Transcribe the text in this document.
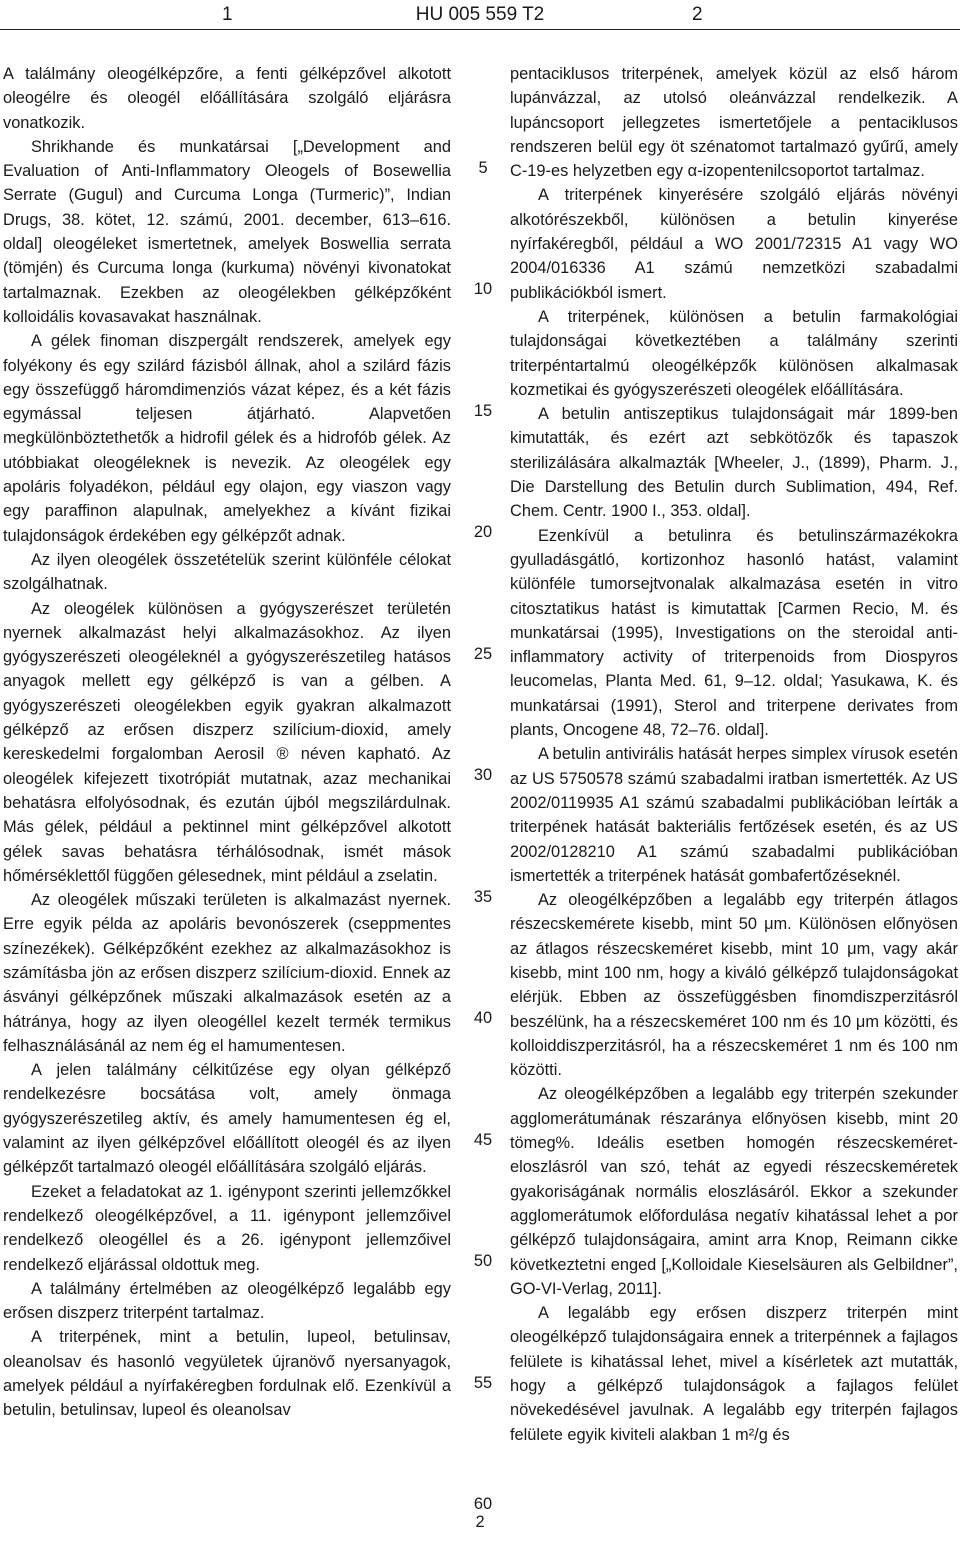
1	HU 005 559 T2	2

A találmány oleogélképzőre, a fenti gélképzővel alkotott oleogélre és oleogél előállítására szolgáló eljárásra vonatkozik.

Shrikhande és munkatársai [„Development and Evaluation of Anti-Inflammatory Oleogels of Bosewellia Serrate (Gugul) and Curcuma Longa (Turmeric)”, Indian Drugs, 38. kötet, 12. számú, 2001. december, 613–616. oldal] oleogéleket ismertetnek, amelyek Boswellia serrata (tömjén) és Curcuma longa (kurkuma) növényi kivonatokat tartalmaznak. Ezekben az oleogélekben gélképzőként kolloidális kovasavakat használnak.

A gélek finoman diszpergált rendszerek, amelyek egy folyékony és egy szilárd fázisból állnak, ahol a szilárd fázis egy összefüggő háromdimenziós vázat képez, és a két fázis egymással teljesen átjárható. Alapvetően megkülönböztethetők a hidrofil gélek és a hidrofób gélek. Az utóbbiakat oleogéleknek is nevezik. Az oleogélek egy apoláris folyadékon, például egy olajon, egy viaszon vagy egy paraffinon alapulnak, amelyekhez a kívánt fizikai tulajdonságok érdekében egy gélképzőt adnak.

Az ilyen oleogélek összetételük szerint különféle célokat szolgálhatnak.

Az oleogélek különösen a gyógyszerészet területén nyernek alkalmazást helyi alkalmazásokhoz. Az ilyen gyógyszerészeti oleogéleknél a gyógyszerészetileg hatásos anyagok mellett egy gélképző is van a gélben. A gyógyszerészeti oleogélekben egyik gyakran alkalmazott gélképző az erősen diszperz szilícium-dioxid, amely kereskedelmi forgalomban Aerosil ® néven kapható. Az oleogélek kifejezett tixotrópiát mutatnak, azaz mechanikai behatásra elfolyósodnak, és ezután újból megszilárdulnak. Más gélek, például a pektinnel mint gélképzővel alkotott gélek savas behatásra térhálósodnak, ismét mások hőmérséklettől függően gélesednek, mint például a zselatin.

Az oleogélek műszaki területen is alkalmazást nyernek. Erre egyik példa az apoláris bevonószerek (cseppmentes színezékek). Gélképzőként ezekhez az alkalmazásokhoz is számításba jön az erősen diszperz szilícium-dioxid. Ennek az ásványi gélképzőnek műszaki alkalmazások esetén az a hátránya, hogy az ilyen oleogéllel kezelt termék termikus felhasználásánál az nem ég el hamumentesen.

A jelen találmány célkitűzése egy olyan gélképző rendelkezésre bocsátása volt, amely önmaga gyógyszerészetileg aktív, és amely hamumentesen ég el, valamint az ilyen gélképzővel előállított oleogél és az ilyen gélképzőt tartalmazó oleogél előállítására szolgáló eljárás.

Ezeket a feladatokat az 1. igénypont szerinti jellemzőkkel rendelkező oleogélképzővel, a 11. igénypont jellemzőivel rendelkező oleogéllel és a 26. igénypont jellemzőivel rendelkező eljárással oldottuk meg.

A találmány értelmében az oleogélképző legalább egy erősen diszperz triterpént tartalmaz.

A triterpének, mint a betulin, lupeol, betulinsav, oleanolsav és hasonló vegyületek újranövő nyersanyagok, amelyek például a nyírfakéregben fordulnak elő. Ezenkívül a betulin, betulinsav, lupeol és oleanolsav

5
10
15
20
25
30
35
40
45
50
55
60

pentaciklusos triterpének, amelyek közül az első három lupánvázzal, az utolsó oleánvázzal rendelkezik. A lupáncsoport jellegzetes ismertetőjele a pentaciklusos rendszeren belül egy öt szénatomot tartalmazó gyűrű, amely C-19-es helyzetben egy α-izopentenilcsoportot tartalmaz.

A triterpének kinyerésére szolgáló eljárás növényi alkotórészekből, különösen a betulin kinyerése nyírfakéregből, például a WO 2001/72315 A1 vagy WO 2004/016336 A1 számú nemzetközi szabadalmi publikációkból ismert.

A triterpének, különösen a betulin farmakológiai tulajdonságai következtében a találmány szerinti triterpéntartalmú oleogélképzők különösen alkalmasak kozmetikai és gyógyszerészeti oleogélek előállítására.

A betulin antiszeptikus tulajdonságait már 1899-ben kimutatták, és ezért azt sebkötözők és tapaszok sterilizálására alkalmazták [Wheeler, J., (1899), Pharm. J., Die Darstellung des Betulin durch Sublimation, 494, Ref. Chem. Centr. 1900 I., 353. oldal].

Ezenkívül a betulinra és betulinszármazékokra gyulladásgátló, kortizonhoz hasonló hatást, valamint különféle tumorsejtvonalak alkalmazása esetén in vitro citosztatikus hatást is kimutattak [Carmen Recio, M. és munkatársai (1995), Investigations on the steroidal anti-inflammatory activity of triterpenoids from Diospyros leucomelas, Planta Med. 61, 9–12. oldal; Yasukawa, K. és munkatársai (1991), Sterol and triterpene derivates from plants, Oncogene 48, 72–76. oldal].

A betulin antivirális hatását herpes simplex vírusok esetén az US 5750578 számú szabadalmi iratban ismertették. Az US 2002/0119935 A1 számú szabadalmi publikációban leírták a triterpének hatását bakteriális fertőzések esetén, és az US 2002/0128210 A1 számú szabadalmi publikációban ismertették a triterpének hatását gombafertőzéseknél.

Az oleogélképzőben a legalább egy triterpén átlagos részecskemérete kisebb, mint 50 μm. Különösen előnyösen az átlagos részecskeméret kisebb, mint 10 μm, vagy akár kisebb, mint 100 nm, hogy a kiváló gélképző tulajdonságokat elérjük. Ebben az összefüggésben finomdiszperzitásról beszélünk, ha a részecskeméret 100 nm és 10 μm közötti, és kolloiddiszperzitásról, ha a részecskeméret 1 nm és 100 nm közötti.

Az oleogélképzőben a legalább egy triterpén szekunder agglomerátumának részaránya előnyösen kisebb, mint 20 tömeg%. Ideális esetben homogén részecskeméret-eloszlásról van szó, tehát az egyedi részecskeméretek gyakoriságának normális eloszlásáról. Ekkor a szekunder agglomerátumok előfordulása negatív kihatással lehet a por gélképző tulajdonságaira, amint arra Knop, Reimann cikke következtetni enged [„Kolloidale Kieselsäuren als Gelbildner”, GO-VI-Verlag, 2011].

A legalább egy erősen diszperz triterpén mint oleogélképző tulajdonságaira ennek a triterpénnek a fajlagos felülete is kihatással lehet, mivel a kísérletek azt mutatták, hogy a gélképző tulajdonságok a fajlagos felület növekedésével javulnak. A legalább egy triterpén fajlagos felülete egyik kiviteli alakban 1 m²/g és

2
